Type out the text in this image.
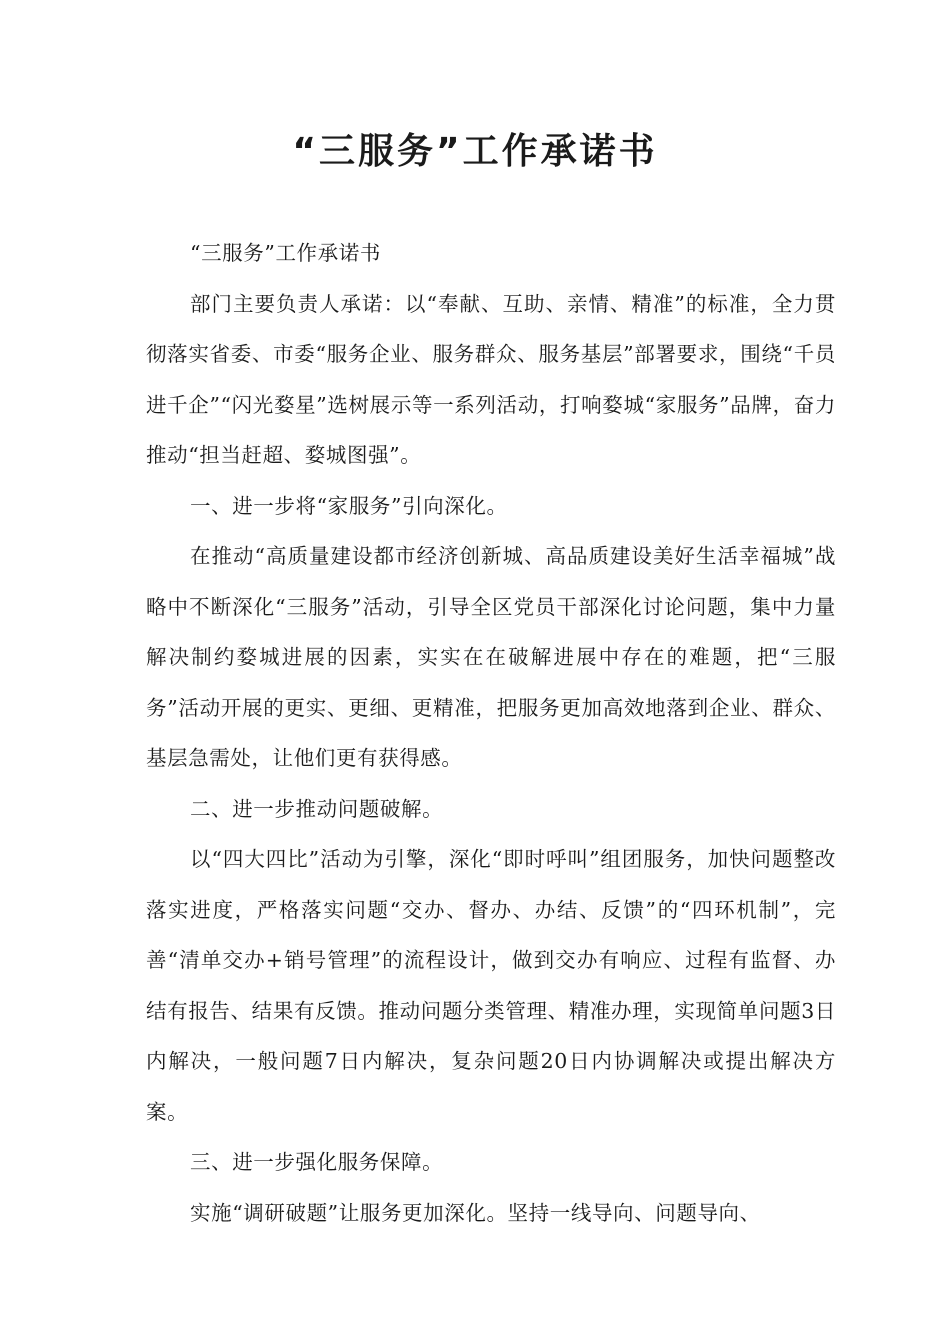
“三服务”工作承诺书

“三服务”工作承诺书

部门主要负责人承诺：以“奉献、互助、亲情、精准”的标准，全力贯彻落实省委、市委“服务企业、服务群众、服务基层”部署要求，围绕“千员进千企”“闪光婺星”选树展示等一系列活动，打响婺城“家服务”品牌，奋力推动“担当赶超、婺城图强”。

一、进一步将“家服务”引向深化。

在推动“高质量建设都市经济创新城、高品质建设美好生活幸福城”战略中不断深化“三服务”活动，引导全区党员干部深化讨论问题，集中力量解决制约婺城进展的因素，实实在在破解进展中存在的难题，把“三服务”活动开展的更实、更细、更精准，把服务更加高效地落到企业、群众、基层急需处，让他们更有获得感。

二、进一步推动问题破解。

以“四大四比”活动为引擎，深化“即时呼叫”组团服务，加快问题整改落实进度，严格落实问题“交办、督办、办结、反馈”的“四环机制”，完善“清单交办+销号管理”的流程设计，做到交办有响应、过程有监督、办结有报告、结果有反馈。推动问题分类管理、精准办理，实现简单问题3日内解决，一般问题7日内解决，复杂问题20日内协调解决或提出解决方案。

三、进一步强化服务保障。

实施“调研破题”让服务更加深化。坚持一线导向、问题导向、
